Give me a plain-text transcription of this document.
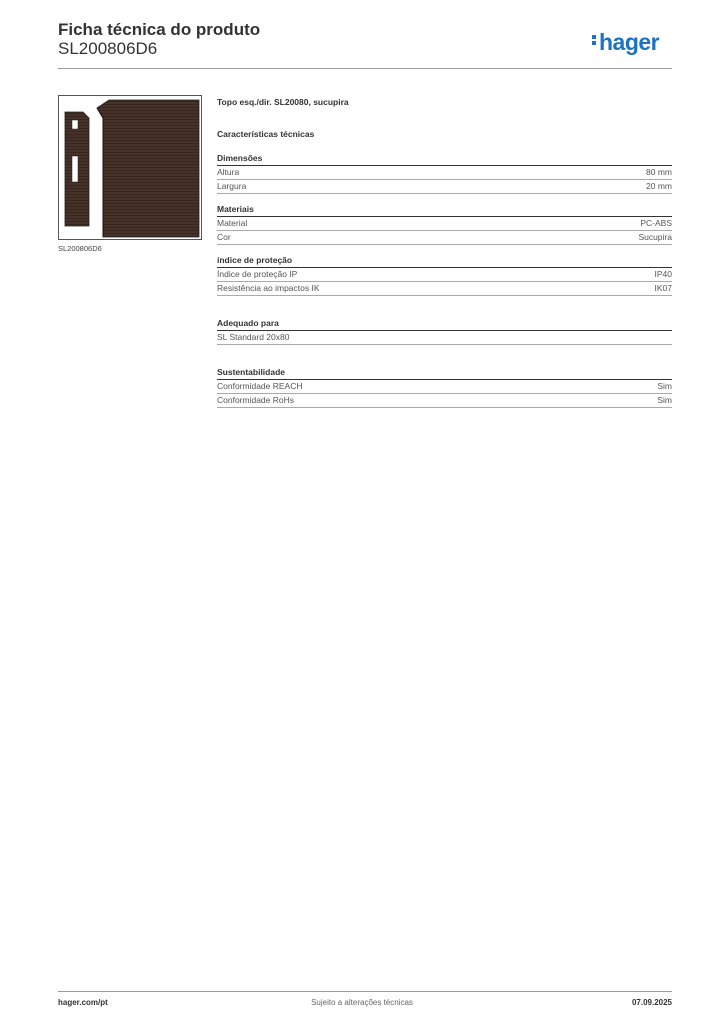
Ficha técnica do produto
SL200806D6	hager
SL200806D6
Topo esq./dir. SL20080, sucupira
Características técnicas
Dimensões
Altura	80 mm
Largura	20 mm
Materiais
Material	PC-ABS
Cor	Sucupira
índice de proteção
Índice de proteção IP	IP40
Resistência ao impactos IK	IK07
Adequado para
SL Standard 20x80
Sustentabilidade
Conformidade REACH	Sim
Conformidade RoHs	Sim
hager.com/pt	Sujeito a alterações técnicas	07.09.2025
